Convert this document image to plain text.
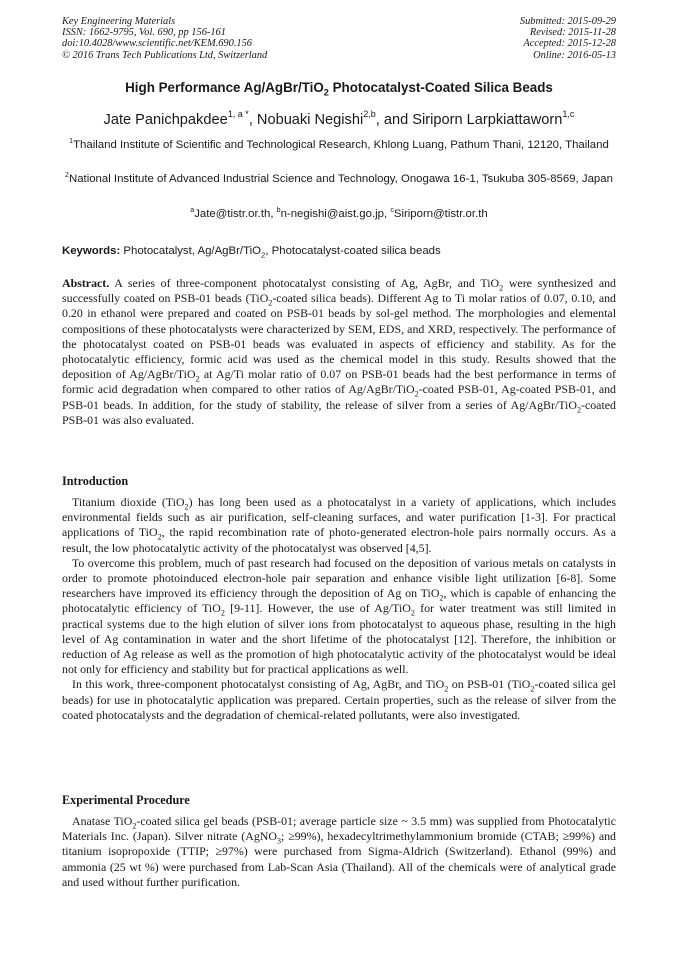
Key Engineering Materials
ISSN: 1662-9795, Vol. 690, pp 156-161
doi:10.4028/www.scientific.net/KEM.690.156
© 2016 Trans Tech Publications Ltd, Switzerland
Submitted: 2015-09-29
Revised: 2015-11-28
Accepted: 2015-12-28
Online: 2016-05-13
High Performance Ag/AgBr/TiO$_2$ Photocatalyst-Coated Silica Beads
Jate Panichpakdee$^{1, a *}$, Nobuaki Negishi$^{2,b}$, and Siriporn Larpkiattaworn$^{1,c}$
$^1$Thailand Institute of Scientific and Technological Research, Khlong Luang, Pathum Thani, 12120, Thailand
$^2$National Institute of Advanced Industrial Science and Technology, Onogawa 16-1, Tsukuba 305-8569, Japan
$^a$Jate@tistr.or.th, $^b$n-negishi@aist.go.jp, $^c$Siriporn@tistr.or.th
Keywords: Photocatalyst, Ag/AgBr/TiO$_2$, Photocatalyst-coated silica beads
Abstract. A series of three-component photocatalyst consisting of Ag, AgBr, and TiO$_2$ were synthesized and successfully coated on PSB-01 beads (TiO$_2$-coated silica beads). Different Ag to Ti molar ratios of 0.07, 0.10, and 0.20 in ethanol were prepared and coated on PSB-01 beads by sol-gel method. The morphologies and elemental compositions of these photocatalysts were characterized by SEM, EDS, and XRD, respectively. The performance of the photocatalyst coated on PSB-01 beads was evaluated in aspects of efficiency and stability. As for the photocatalytic efficiency, formic acid was used as the chemical model in this study. Results showed that the deposition of Ag/AgBr/TiO$_2$ at Ag/Ti molar ratio of 0.07 on PSB-01 beads had the best performance in terms of formic acid degradation when compared to other ratios of Ag/AgBr/TiO$_2$-coated PSB-01, Ag-coated PSB-01, and PSB-01 beads. In addition, for the study of stability, the release of silver from a series of Ag/AgBr/TiO$_2$-coated PSB-01 was also evaluated.
Introduction

Titanium dioxide (TiO$_2$) has long been used as a photocatalyst in a variety of applications, which includes environmental fields such as air purification, self-cleaning surfaces, and water purification [1-3]. For practical applications of TiO$_2$, the rapid recombination rate of photo-generated electron-hole pairs normally occurs. As a result, the low photocatalytic activity of the photocatalyst was observed [4,5].

To overcome this problem, much of past research had focused on the deposition of various metals on catalysts in order to promote photoinduced electron-hole pair separation and enhance visible light utilization [6-8]. Some researchers have improved its efficiency through the deposition of Ag on TiO$_2$, which is capable of enhancing the photocatalytic efficiency of TiO$_2$ [9-11]. However, the use of Ag/TiO$_2$ for water treatment was still limited in practical systems due to the high elution of silver ions from photocatalyst to aqueous phase, resulting in the high level of Ag contamination in water and the short lifetime of the photocatalyst [12]. Therefore, the inhibition or reduction of Ag release as well as the promotion of high photocatalytic activity of the photocatalyst would be ideal not only for efficiency and stability but for practical applications as well.

In this work, three-component photocatalyst consisting of Ag, AgBr, and TiO$_2$ on PSB-01 (TiO$_2$-coated silica gel beads) for use in photocatalytic application was prepared. Certain properties, such as the release of silver from the coated photocatalysts and the degradation of chemical-related pollutants, were also investigated.

Experimental Procedure

Anatase TiO$_2$-coated silica gel beads (PSB-01; average particle size ~ 3.5 mm) was supplied from Photocatalytic Materials Inc. (Japan). Silver nitrate (AgNO$_3$; ≥99%), hexadecyltrimethylammonium bromide (CTAB; ≥99%) and titanium isopropoxide (TTIP; ≥97%) were purchased from Sigma-Aldrich (Switzerland). Ethanol (99%) and ammonia (25 wt %) were purchased from Lab-Scan Asia (Thailand). All of the chemicals were of analytical grade and used without further purification.
